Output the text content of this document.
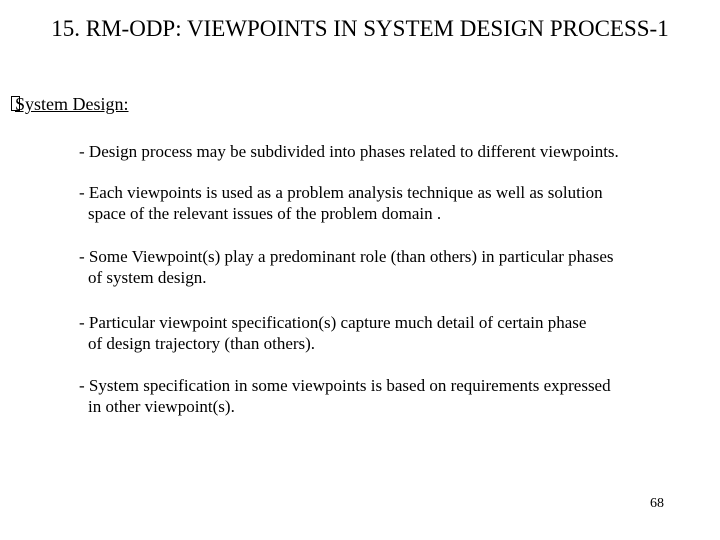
15. RM-ODP: VIEWPOINTS IN SYSTEM DESIGN PROCESS-1
System Design:
- Design process may be subdivided into phases related to different viewpoints.
- Each viewpoints is used as a problem analysis technique as well as solution
space of the relevant issues of the problem domain .
- Some Viewpoint(s) play a predominant role (than others) in particular phases
of system design.
- Particular viewpoint specification(s) capture much detail of certain phase
of design trajectory (than others).
- System specification in some viewpoints is based on requirements expressed
in other viewpoint(s).
68
